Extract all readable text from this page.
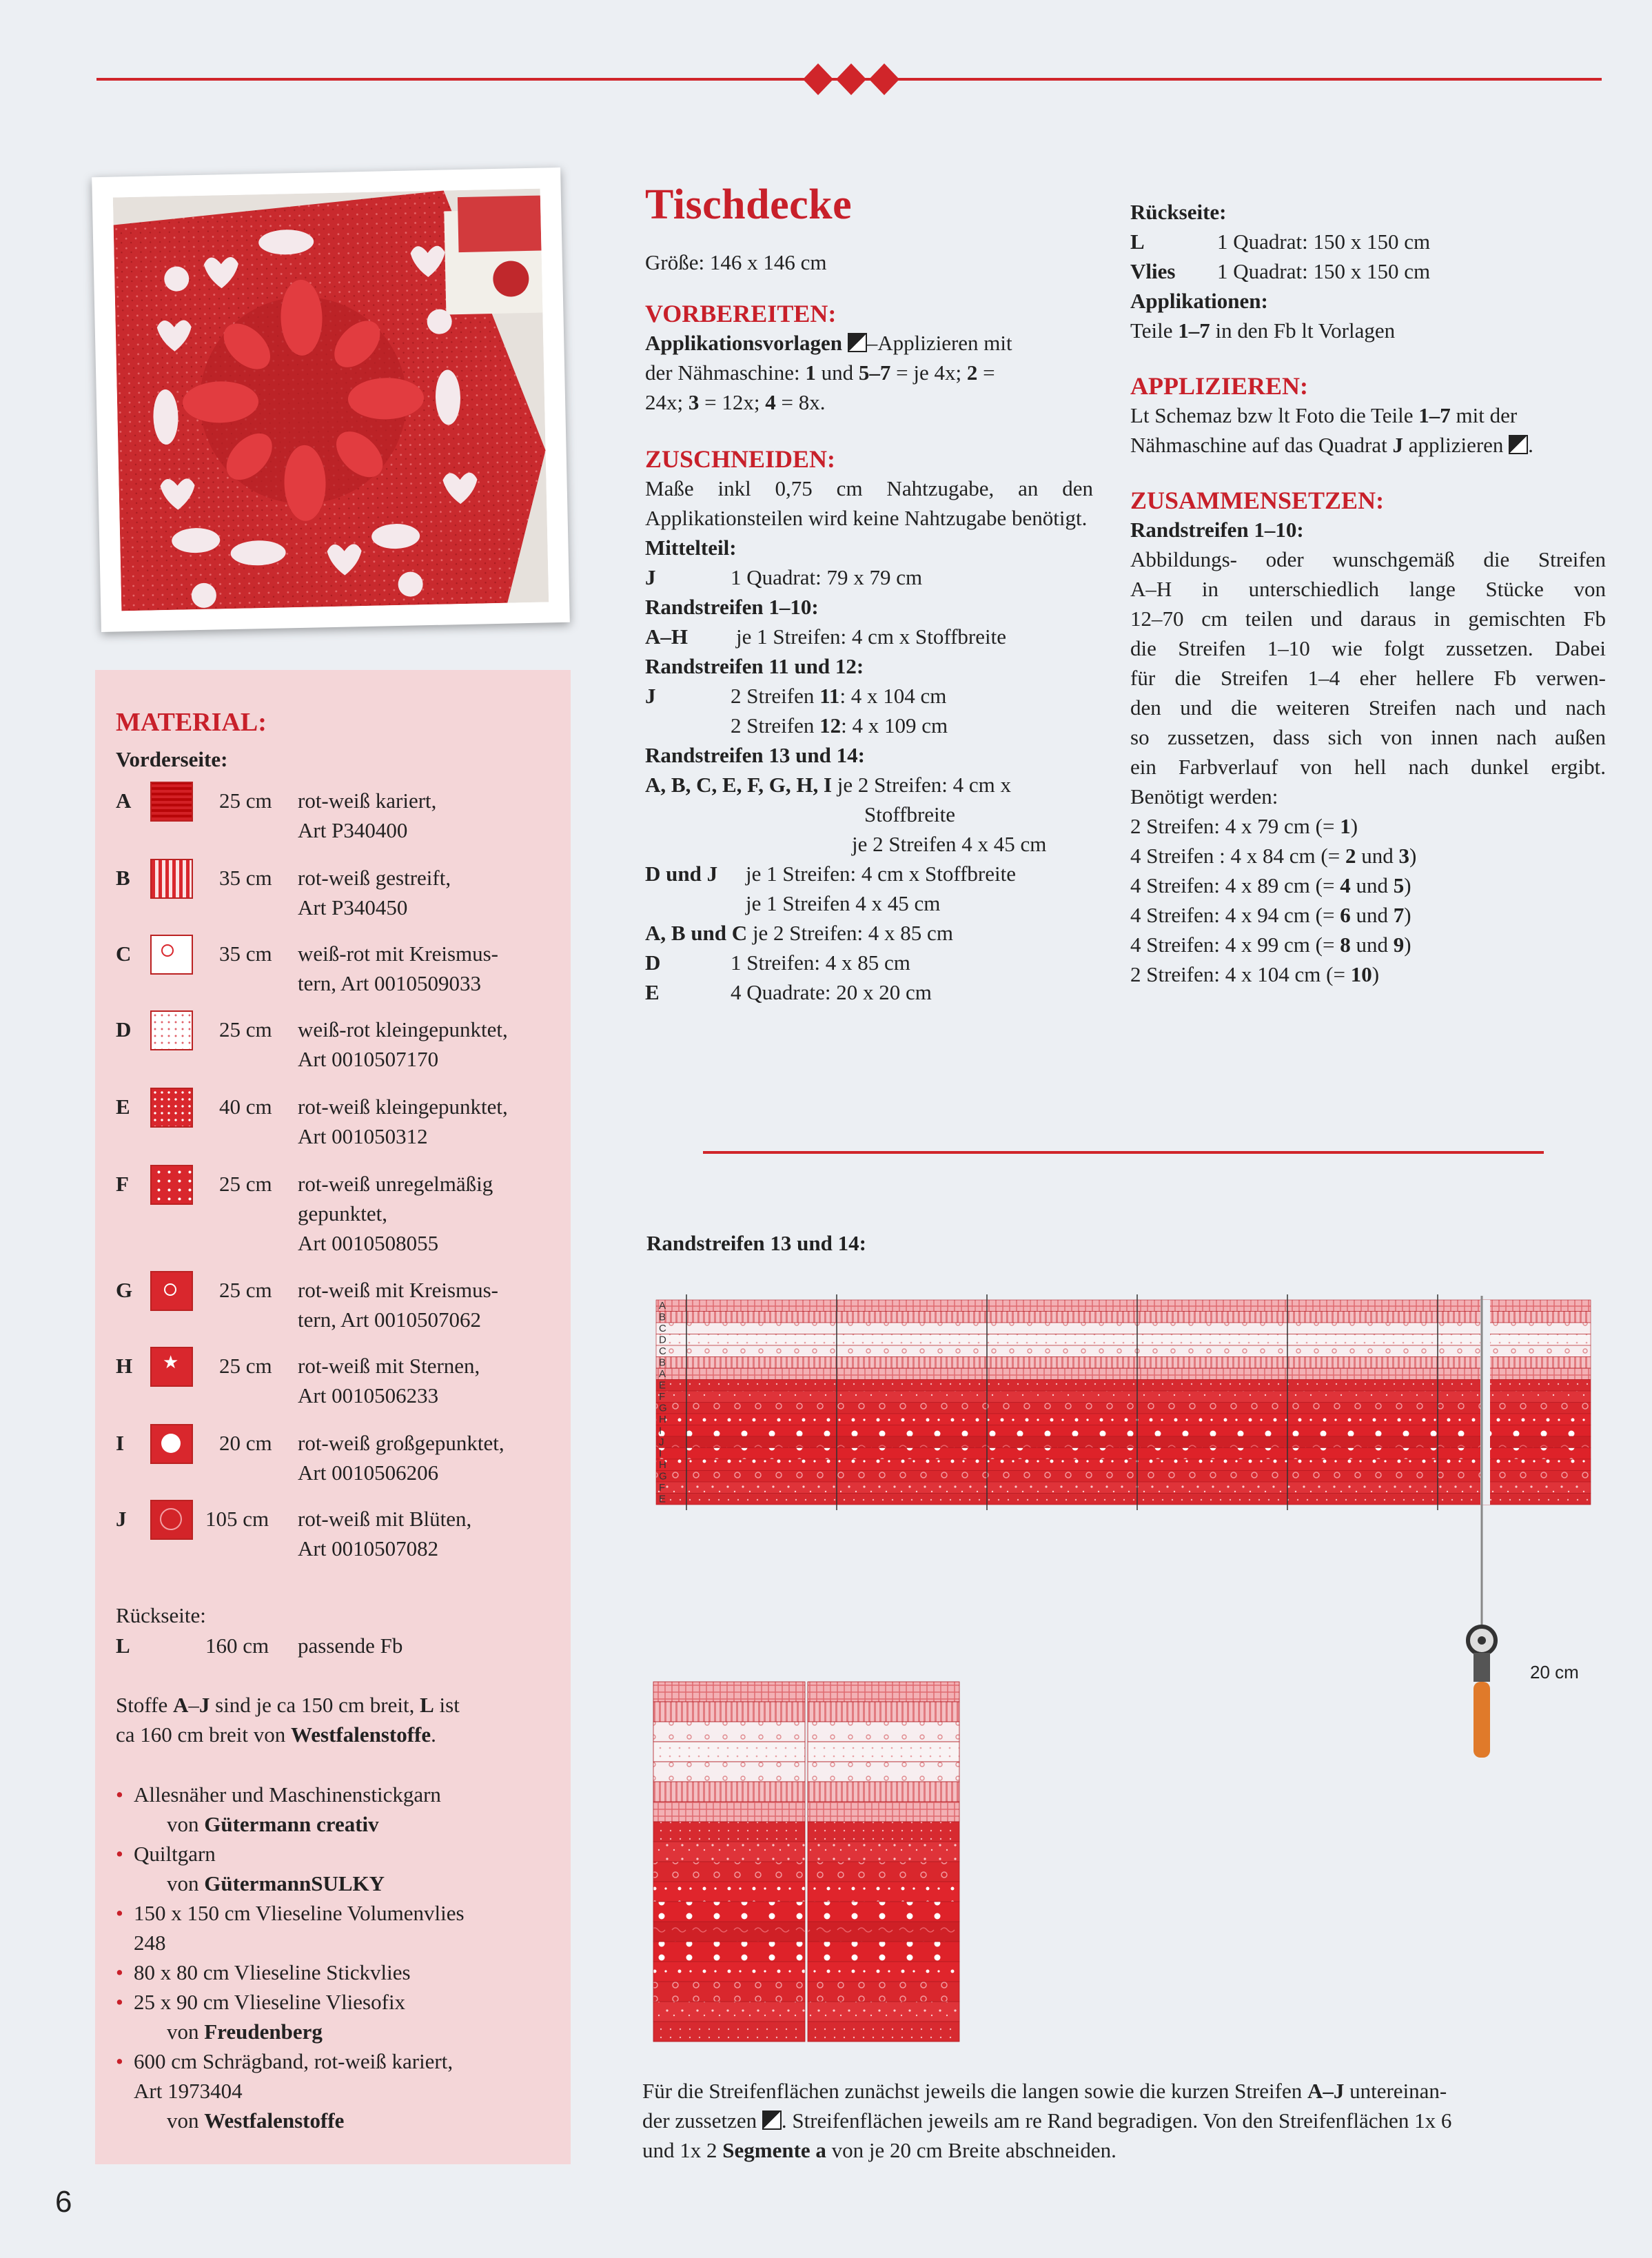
MATERIAL:
Vorderseite:
A	25 cm	rot-weiß kariert,
Art P340400
B	35 cm	rot-weiß gestreift,
Art P340450
C	35 cm	weiß-rot mit Kreismus-
tern, Art 0010509033
D	25 cm	weiß-rot kleingepunktet,
Art 0010507170
E	40 cm	rot-weiß kleingepunktet,
Art 001050312
F	25 cm	rot-weiß unregelmäßig
gepunktet,
Art 0010508055
G	25 cm	rot-weiß mit Kreismus-
tern, Art 0010507062
H	25 cm	rot-weiß mit Sternen,
Art 0010506233
★
I	20 cm	rot-weiß großgepunktet,
Art 0010506206
J	105 cm rot-weiß mit Blüten,
Art 0010507082
Rückseite:
L	160 cm passende Fb
Stoffe A–J sind je ca 150 cm breit, L ist
ca 160 cm breit von Westfalenstoffe.
• Allesnäher und Maschinenstickgarn
von Gütermann creativ
• Quiltgarn
von GütermannSULKY
• 150 x 150 cm Vlieseline Volumenvlies
248
• 80 x 80 cm Vlieseline Stickvlies
• 25 x 90 cm Vlieseline Vliesofix
von Freudenberg
• 600 cm Schrägband, rot-weiß kariert,
Art 1973404
von Westfalenstoffe
Tischdecke

Größe: 146 x 146 cm

VORBEREITEN:

Applikationsvorlagen –Applizieren mit
der Nähmaschine: 1 und 5–7 = je 4x; 2 =
24x; 3 = 12x; 4 = 8x.

ZUSCHNEIDEN:

Maße inkl 0,75 cm Nahtzugabe, an den Applikationsteilen wird keine Nahtzugabe benötigt.

Mittelteil:

J	1 Quadrat: 79 x 79 cm

Randstreifen 1–10:

A–H je 1 Streifen: 4 cm x Stoffbreite

Randstreifen 11 und 12:

J	2 Streifen 11: 4 x 104 cm
2 Streifen 12: 4 x 109 cm

Randstreifen 13 und 14:

A, B, C, E, F, G, H, I je 2 Streifen: 4 cm x
Stoffbreite
je 2 Streifen 4 x 45 cm

D und J je 1 Streifen: 4 cm x Stoffbreite
je 1 Streifen 4 x 45 cm

A, B und C je 2 Streifen: 4 x 85 cm

D	1 Streifen: 4 x 85 cm

E	4 Quadrate: 20 x 20 cm

Rückseite:

L	1 Quadrat: 150 x 150 cm

Vlies 1 Quadrat: 150 x 150 cm

Applikationen:

Teile 1–7 in den Fb lt Vorlagen

APPLIZIEREN:

Lt Schemaz bzw lt Foto die Teile 1–7 mit der
Nähmaschine auf das Quadrat J applizieren .

ZUSAMMENSETZEN:

Randstreifen 1–10:

Abbildungs- oder wunschgemäß die Streifen

A–H in unterschiedlich lange Stücke von

12–70 cm teilen und daraus in gemischten Fb

die Streifen 1–10 wie folgt zussetzen. Dabei

für die Streifen 1–4 eher hellere Fb verwen-

den und die weiteren Streifen nach und nach

so zussetzen, dass sich von innen nach außen

ein Farbverlauf von hell nach dunkel ergibt.

Benötigt werden:

2 Streifen: 4 x 79 cm (= 1)

4 Streifen : 4 x 84 cm (= 2 und 3)

4 Streifen: 4 x 89 cm (= 4 und 5)

4 Streifen: 4 x 94 cm (= 6 und 7)

4 Streifen: 4 x 99 cm (= 8 und 9)

2 Streifen: 4 x 104 cm (= 10)

Randstreifen 13 und 14:
A
B
C
D
C
B
A
E
F
G
H
I
J
I
H
G
F
E
20 cm
Für die Streifenflächen zunächst jeweils die langen sowie die kurzen Streifen A–J untereinan-
der zussetzen . Streifenflächen jeweils am re Rand begradigen. Von den Streifenflächen 1x 6
und 1x 2 Segmente a von je 20 cm Breite abschneiden.
6
